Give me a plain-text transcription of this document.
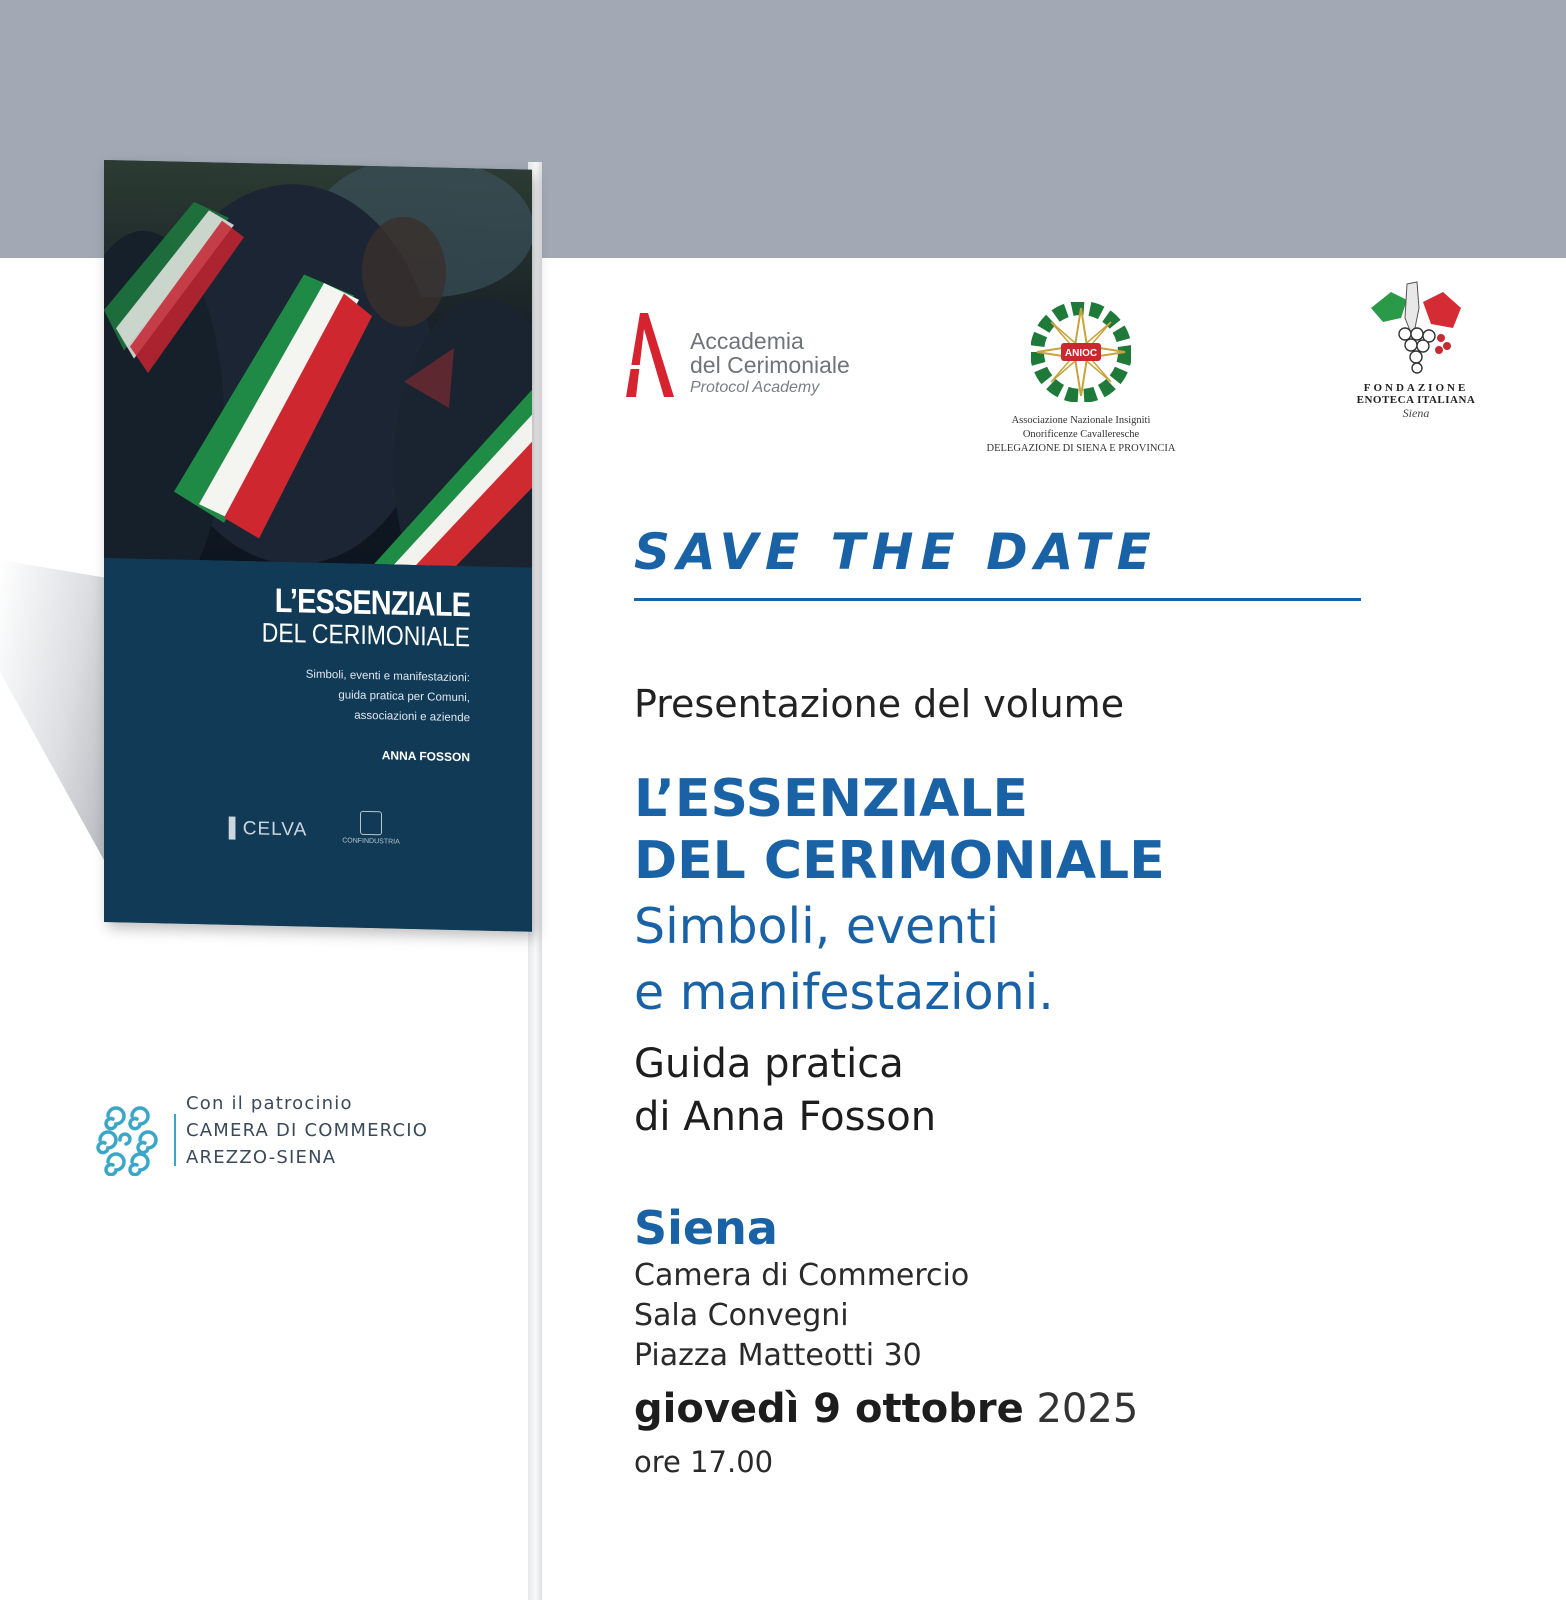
L’ESSENZIALE
DEL CERIMONIALE
Simboli, eventi e manifestazioni:
guida pratica per Comuni,
associazioni e aziende
ANNA FOSSON
▐ CELVA
CONFINDUSTRIA
Accademia
del Cerimoniale
Protocol Academy
ANIOC
Associazione Nazionale Insigniti
Onorificenze Cavalleresche
DELEGAZIONE DI SIENA E PROVINCIA
FONDAZIONE
ENOTECA ITALIANA
Siena
SAVE THE DATE
Presentazione del volume
L’ESSENZIALE
DEL CERIMONIALE
Simboli, eventi
e manifestazioni.
Guida pratica
di Anna Fosson
Siena
Camera di Commercio
Sala Convegni
Piazza Matteotti 30
giovedì 9 ottobre 2025
ore 17.00
Con il patrocinio
CAMERA DI COMMERCIO
AREZZO-SIENA
